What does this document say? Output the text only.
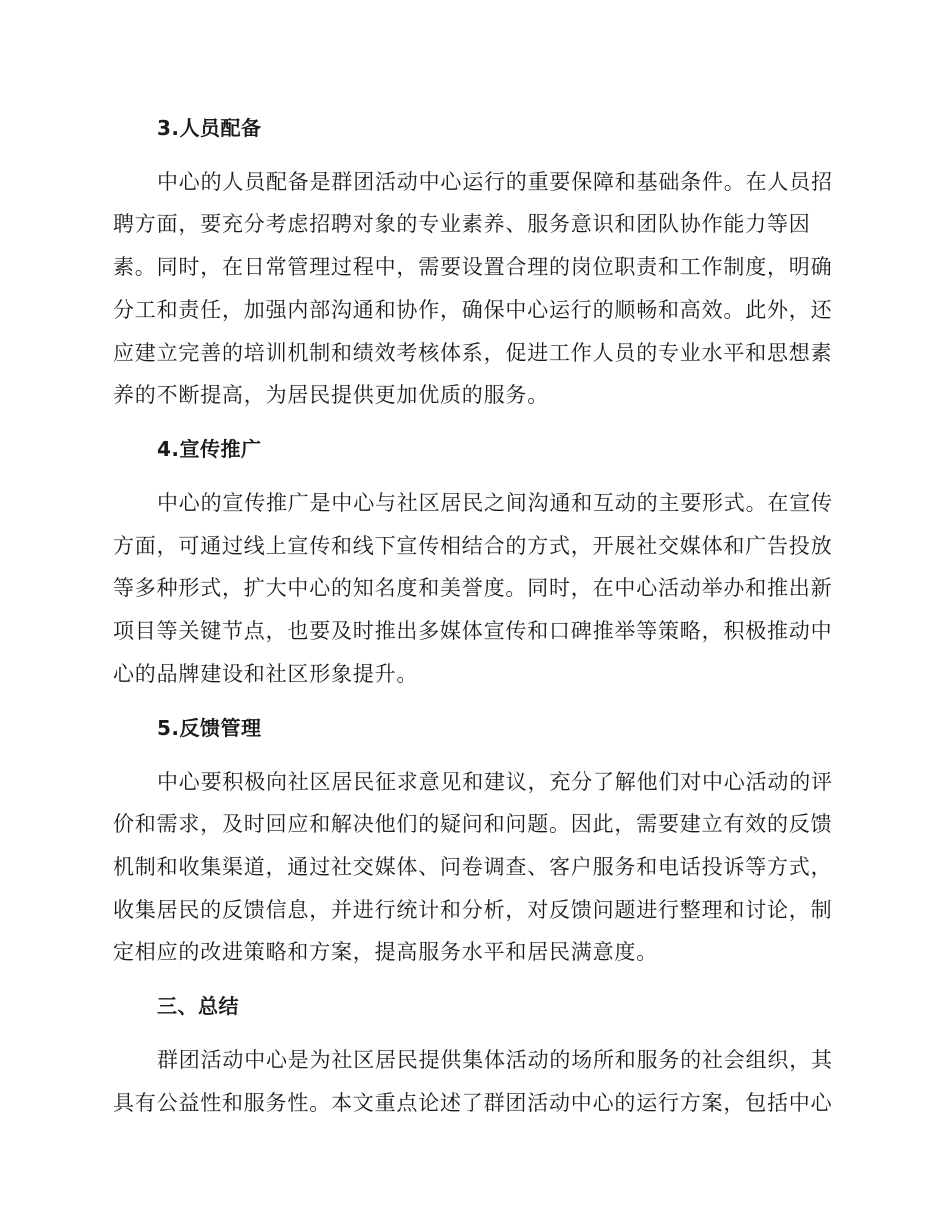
3.人员配备
中心的人员配备是群团活动中心运行的重要保障和基础条件。在人员招
聘方面，要充分考虑招聘对象的专业素养、服务意识和团队协作能力等因
素。同时，在日常管理过程中，需要设置合理的岗位职责和工作制度，明确
分工和责任，加强内部沟通和协作，确保中心运行的顺畅和高效。此外，还
应建立完善的培训机制和绩效考核体系，促进工作人员的专业水平和思想素
养的不断提高，为居民提供更加优质的服务。
4.宣传推广
中心的宣传推广是中心与社区居民之间沟通和互动的主要形式。在宣传
方面，可通过线上宣传和线下宣传相结合的方式，开展社交媒体和广告投放
等多种形式，扩大中心的知名度和美誉度。同时，在中心活动举办和推出新
项目等关键节点，也要及时推出多媒体宣传和口碑推举等策略，积极推动中
心的品牌建设和社区形象提升。
5.反馈管理
中心要积极向社区居民征求意见和建议，充分了解他们对中心活动的评
价和需求，及时回应和解决他们的疑问和问题。因此，需要建立有效的反馈
机制和收集渠道，通过社交媒体、问卷调查、客户服务和电话投诉等方式，
收集居民的反馈信息，并进行统计和分析，对反馈问题进行整理和讨论，制
定相应的改进策略和方案，提高服务水平和居民满意度。
三、总结
群团活动中心是为社区居民提供集体活动的场所和服务的社会组织，其
具有公益性和服务性。本文重点论述了群团活动中心的运行方案，包括中心
